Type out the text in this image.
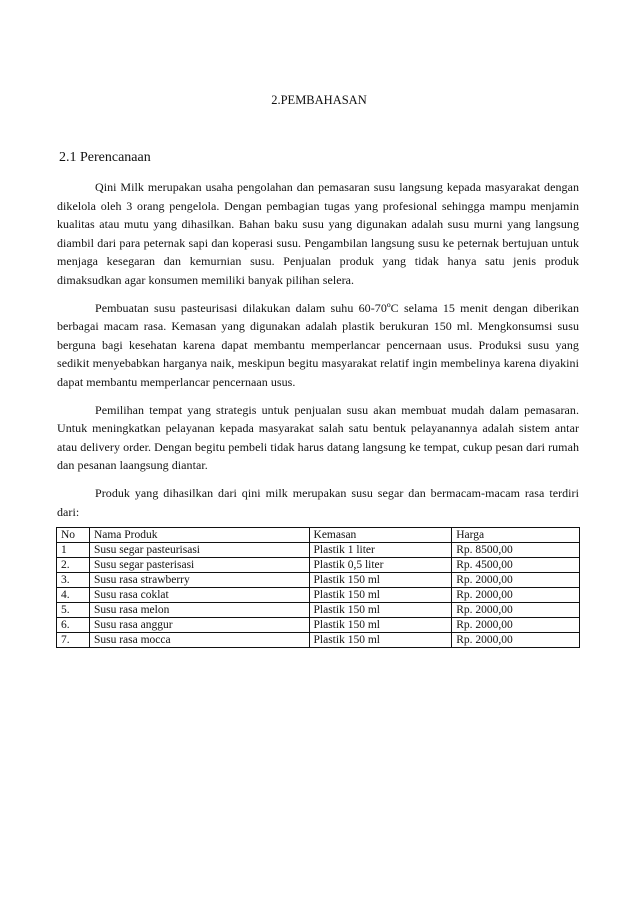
2.PEMBAHASAN
2.1 Perencanaan

Qini Milk merupakan usaha pengolahan dan pemasaran susu langsung kepada masyarakat dengan dikelola oleh 3 orang pengelola. Dengan pembagian tugas yang profesional sehingga mampu menjamin kualitas atau mutu yang dihasilkan. Bahan baku susu yang digunakan adalah susu murni yang langsung diambil dari para peternak sapi dan koperasi susu. Pengambilan langsung susu ke peternak bertujuan untuk menjaga kesegaran dan kemurnian susu. Penjualan produk yang tidak hanya satu jenis produk dimaksudkan agar konsumen memiliki banyak pilihan selera.

Pembuatan susu pasteurisasi dilakukan dalam suhu 60-70ºC selama 15 menit dengan diberikan berbagai macam rasa. Kemasan yang digunakan adalah plastik berukuran 150 ml. Mengkonsumsi susu berguna bagi kesehatan karena dapat membantu memperlancar pencernaan usus. Produksi susu yang sedikit menyebabkan harganya naik, meskipun begitu masyarakat relatif ingin membelinya karena diyakini dapat membantu memperlancar pencernaan usus.

Pemilihan tempat yang strategis untuk penjualan susu akan membuat mudah dalam pemasaran. Untuk meningkatkan pelayanan kepada masyarakat salah satu bentuk pelayanannya adalah sistem antar atau delivery order. Dengan begitu pembeli tidak harus datang langsung ke tempat, cukup pesan dari rumah dan pesanan laangsung diantar.

Produk yang dihasilkan dari qini milk merupakan susu segar dan bermacam-macam rasa terdiri dari:

No	Nama Produk	Kemasan	Harga
1	Susu segar pasteurisasi	Plastik 1 liter	Rp. 8500,00
2.	Susu segar pasterisasi	Plastik 0,5 liter	Rp. 4500,00
3.	Susu rasa strawberry	Plastik 150 ml	Rp. 2000,00
4.	Susu rasa coklat	Plastik 150 ml	Rp. 2000,00
5.	Susu rasa melon	Plastik 150 ml	Rp. 2000,00
6.	Susu rasa anggur	Plastik 150 ml	Rp. 2000,00
7.	Susu rasa mocca	Plastik 150 ml	Rp. 2000,00
